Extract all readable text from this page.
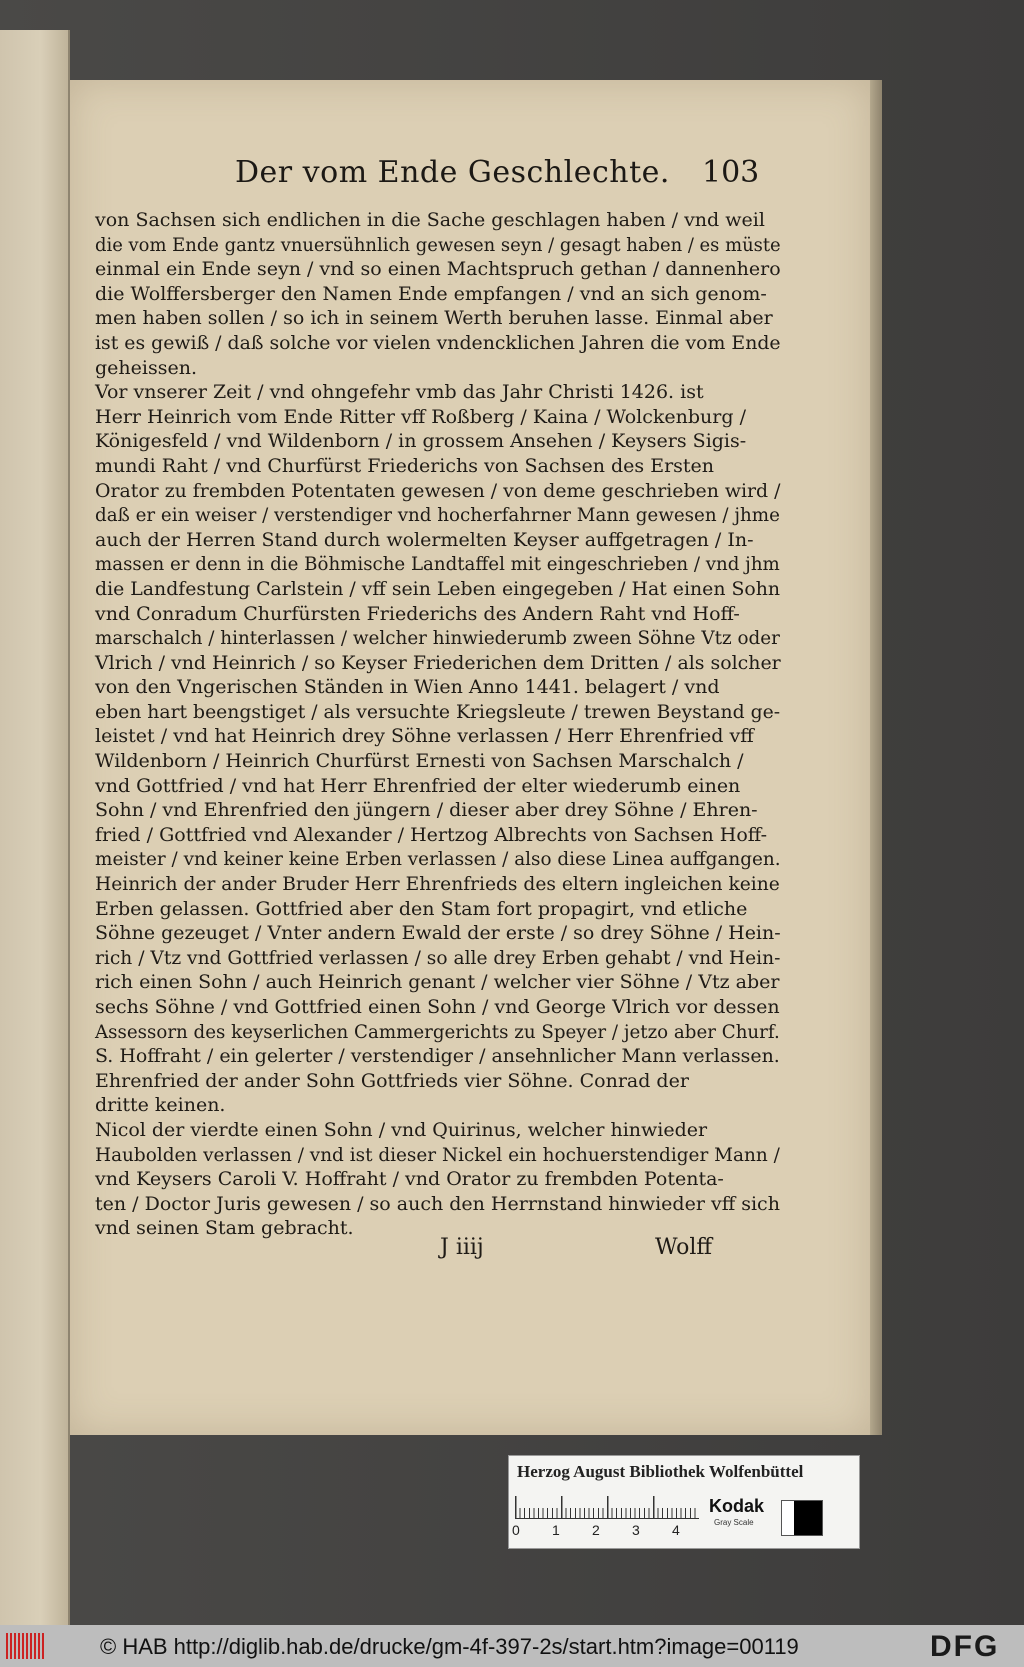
Der vom Ende Geschlechte. 103
von Sachsen sich endlichen in die Sache geschlagen haben / vnd weil
die vom Ende gantz vnuersühnlich gewesen seyn / gesagt haben / es müste
einmal ein Ende seyn / vnd so einen Machtspruch gethan / dannenhero
die Wolffersberger den Namen Ende empfangen / vnd an sich genom-
men haben sollen / so ich in seinem Werth beruhen lasse. Einmal aber
ist es gewiß / daß solche vor vielen vndencklichen Jahren die vom Ende
geheissen.
Vor vnserer Zeit / vnd ohngefehr vmb das Jahr Christi 1426. ist
Herr Heinrich vom Ende Ritter vff Roßberg / Kaina / Wolckenburg /
Königesfeld / vnd Wildenborn / in grossem Ansehen / Keysers Sigis-
mundi Raht / vnd Churfürst Friederichs von Sachsen des Ersten
Orator zu frembden Potentaten gewesen / von deme geschrieben wird /
daß er ein weiser / verstendiger vnd hocherfahrner Mann gewesen / jhme
auch der Herren Stand durch wolermelten Keyser auffgetragen / In-
massen er denn in die Böhmische Landtaffel mit eingeschrieben / vnd jhm
die Landfestung Carlstein / vff sein Leben eingegeben / Hat einen Sohn
vnd Conradum Churfürsten Friederichs des Andern Raht vnd Hoff-
marschalch / hinterlassen / welcher hinwiederumb zween Söhne Vtz oder
Vlrich / vnd Heinrich / so Keyser Friederichen dem Dritten / als solcher
von den Vngerischen Ständen in Wien Anno 1441. belagert / vnd
eben hart beengstiget / als versuchte Kriegsleute / trewen Beystand ge-
leistet / vnd hat Heinrich drey Söhne verlassen / Herr Ehrenfried vff
Wildenborn / Heinrich Churfürst Ernesti von Sachsen Marschalch /
vnd Gottfried / vnd hat Herr Ehrenfried der elter wiederumb einen
Sohn / vnd Ehrenfried den jüngern / dieser aber drey Söhne / Ehren-
fried / Gottfried vnd Alexander / Hertzog Albrechts von Sachsen Hoff-
meister / vnd keiner keine Erben verlassen / also diese Linea auffgangen.
Heinrich der ander Bruder Herr Ehrenfrieds des eltern ingleichen keine
Erben gelassen. Gottfried aber den Stam fort propagirt, vnd etliche
Söhne gezeuget / Vnter andern Ewald der erste / so drey Söhne / Hein-
rich / Vtz vnd Gottfried verlassen / so alle drey Erben gehabt / vnd Hein-
rich einen Sohn / auch Heinrich genant / welcher vier Söhne / Vtz aber
sechs Söhne / vnd Gottfried einen Sohn / vnd George Vlrich vor dessen
Assessorn des keyserlichen Cammergerichts zu Speyer / jetzo aber Churf.
S. Hoffraht / ein gelerter / verstendiger / ansehnlicher Mann verlassen.
Ehrenfried der ander Sohn Gottfrieds vier Söhne. Conrad der
dritte keinen.
Nicol der vierdte einen Sohn / vnd Quirinus, welcher hinwieder
Haubolden verlassen / vnd ist dieser Nickel ein hochuerstendiger Mann /
vnd Keysers Caroli V. Hoffraht / vnd Orator zu frembden Potenta-
ten / Doctor Juris gewesen / so auch den Herrnstand hinwieder vff sich
vnd seinen Stam gebracht.
J iiij	Wolff
Herzog August Bibliothek Wolfenbüttel
0 1 2 3 4
Kodak
Gray Scale
© HAB http://diglib.hab.de/drucke/gm-4f-397-2s/start.htm?image=00119	DFG
